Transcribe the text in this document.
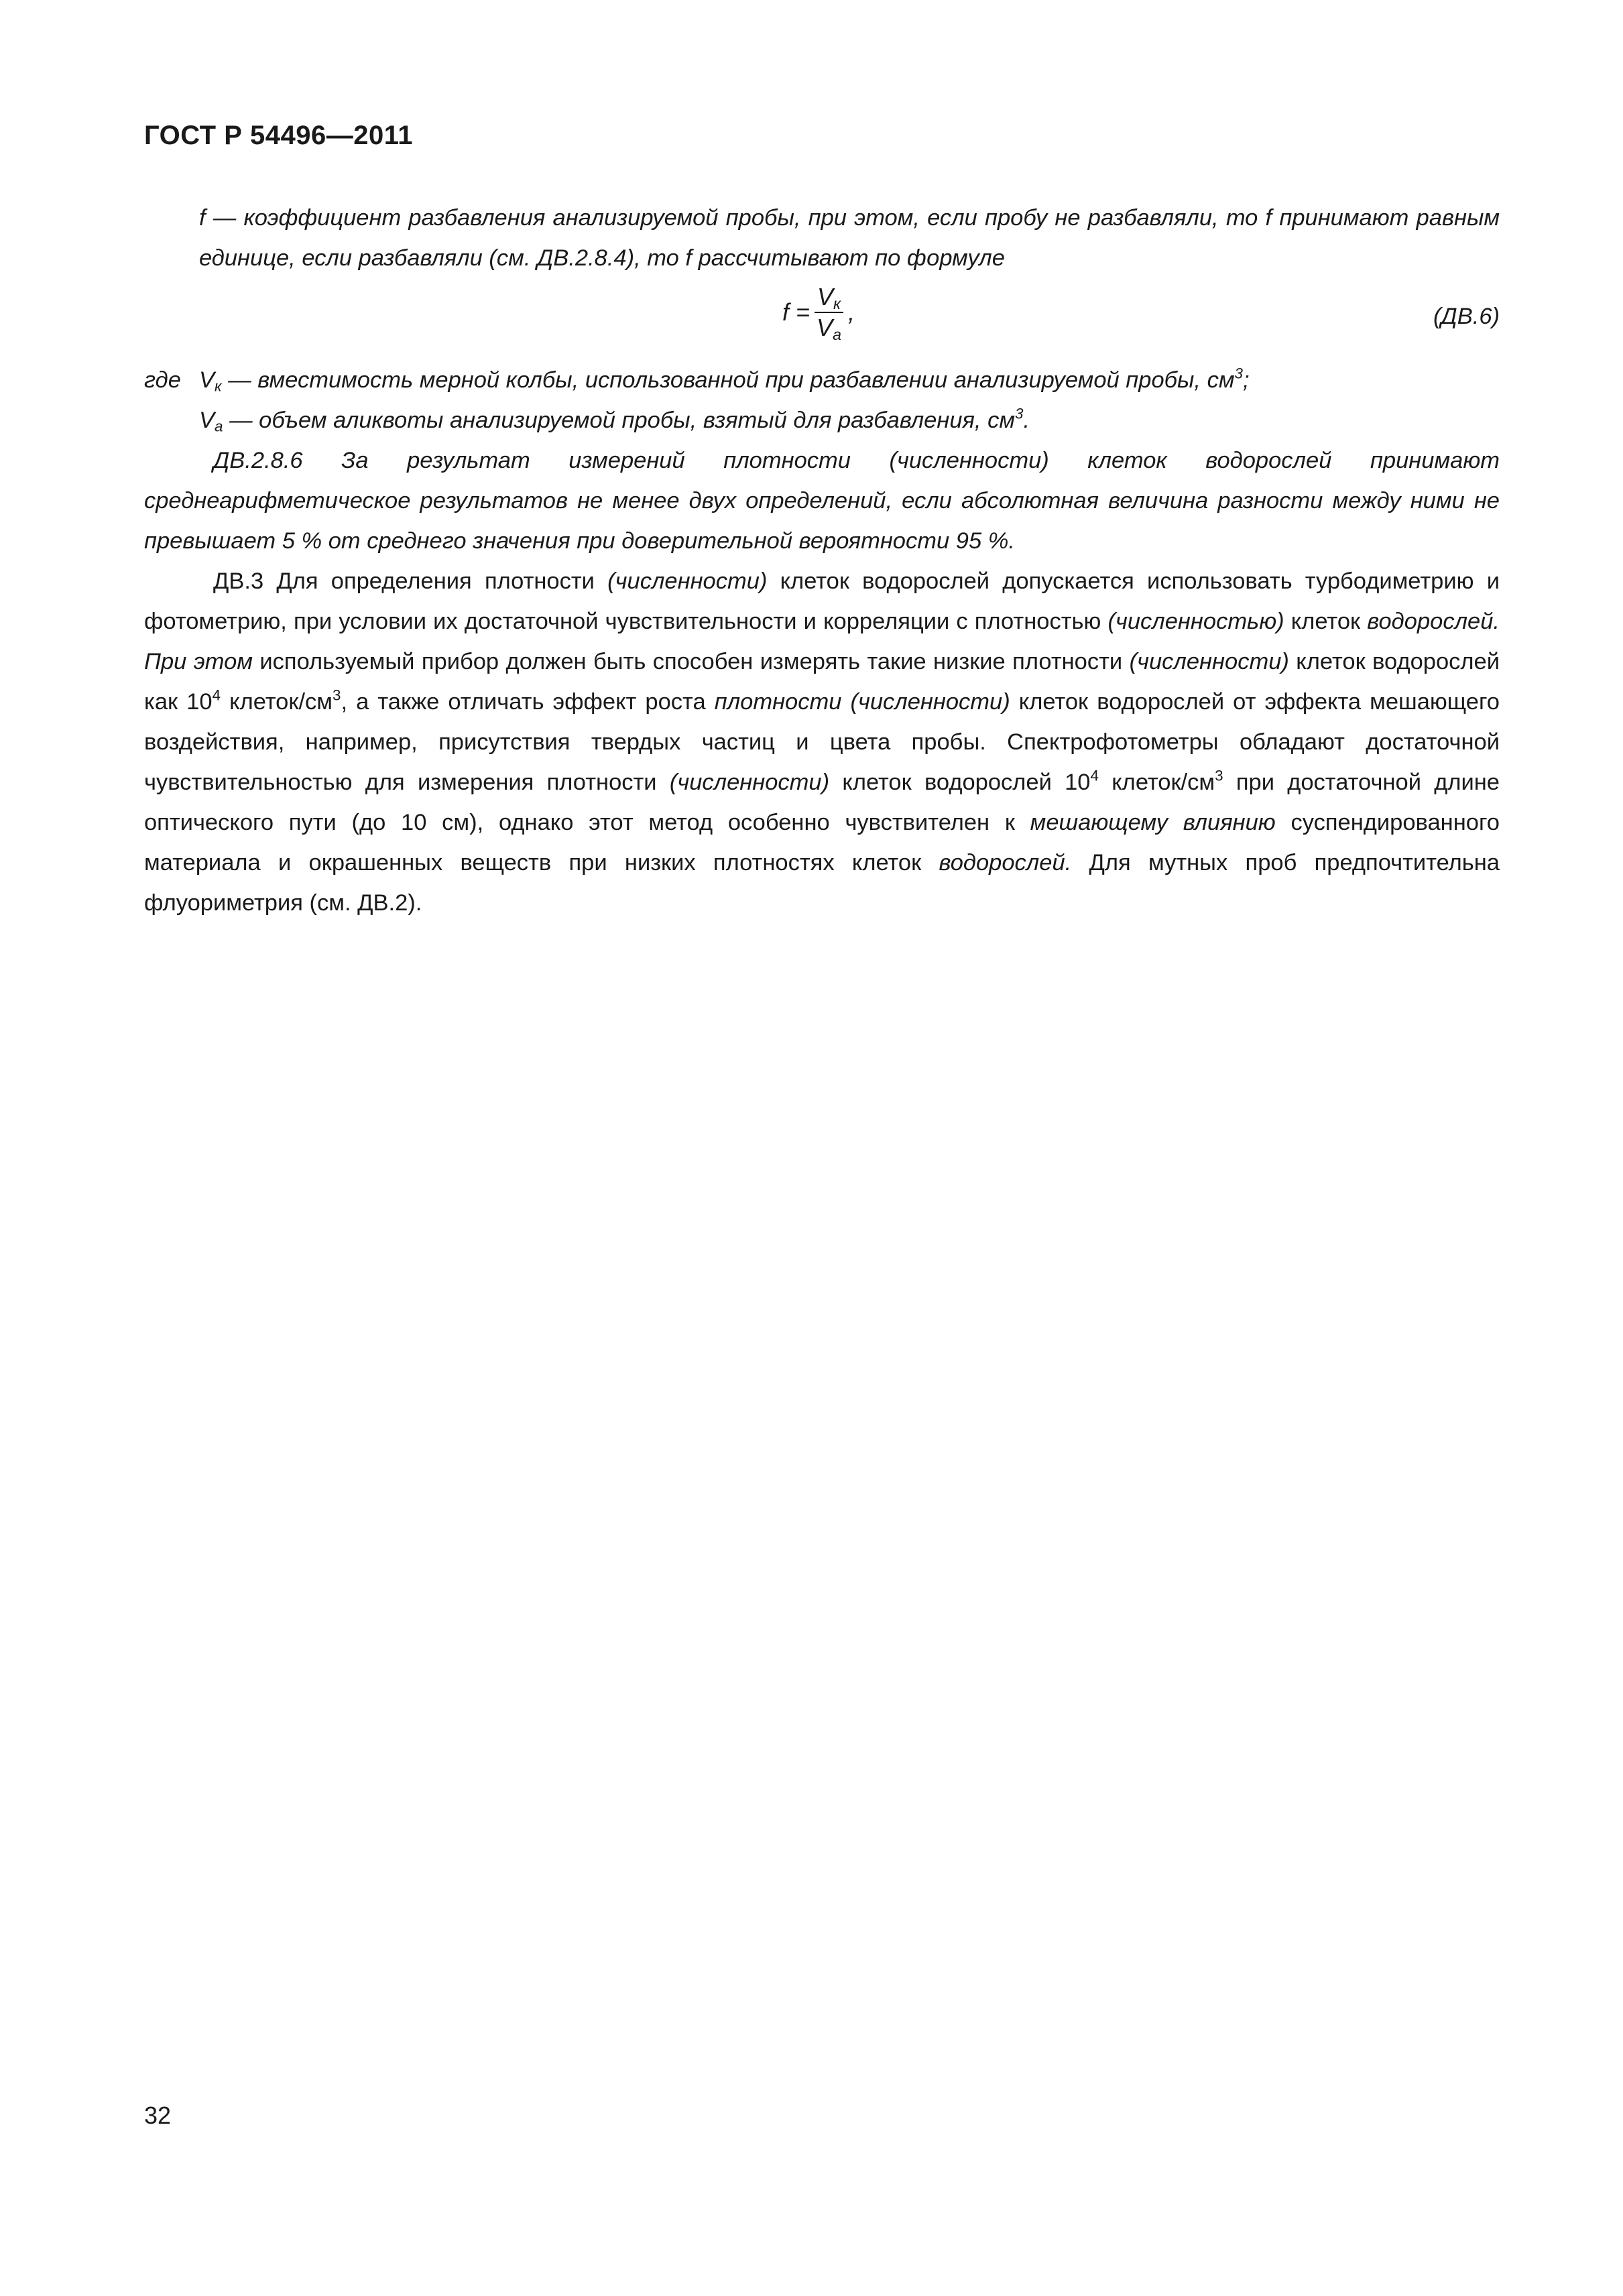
ГОСТ Р 54496—2011

f — коэффициент разбавления анализируемой пробы, при этом, если пробу не разбавляли, то f принимают равным единице, если разбавляли (см. ДВ.2.8.4), то f рассчитывают по формуле

$f = \frac{V_к}{V_а}$ ,	(ДВ.6)

где $V_к$ — вместимость мерной колбы, использованной при разбавлении анализируемой пробы, $см^3$;

$V_а$ — объем аликвоты анализируемой пробы, взятый для разбавления, $см^3$.

ДВ.2.8.6 За результат измерений плотности (численности) клеток водорослей принимают среднеарифметическое результатов не менее двух определений, если абсолютная величина разности между ними не превышает 5 % от среднего значения при доверительной вероятности 95 %.

ДВ.3 Для определения плотности (численности) клеток водорослей допускается использовать турбодиметрию и фотометрию, при условии их достаточной чувствительности и корреляции с плотностью (численностью) клеток водорослей. При этом используемый прибор должен быть способен измерять такие низкие плотности (численности) клеток водорослей как $10^4$ клеток/$см^3$, а также отличать эффект роста плотности (численности) клеток водорослей от эффекта мешающего воздействия, например, присутствия твердых частиц и цвета пробы. Спектрофотометры обладают достаточной чувствительностью для измерения плотности (численности) клеток водорослей $10^4$ клеток/$см^3$ при достаточной длине оптического пути (до 10 см), однако этот метод особенно чувствителен к мешающему влиянию суспендированного материала и окрашенных веществ при низких плотностях клеток водорослей. Для мутных проб предпочтительна флуориметрия (см. ДВ.2).

32
